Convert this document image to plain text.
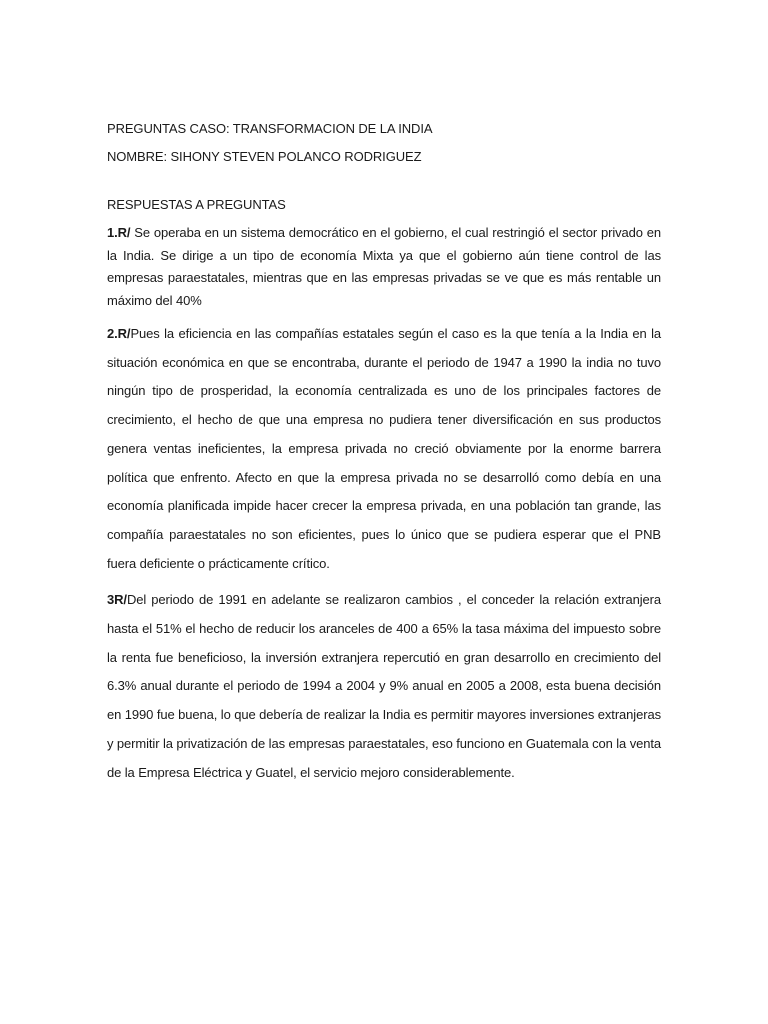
PREGUNTAS CASO: TRANSFORMACION DE LA INDIA

NOMBRE: SIHONY STEVEN POLANCO RODRIGUEZ

RESPUESTAS A PREGUNTAS

1.R/ Se operaba en un sistema democrático en el gobierno, el cual restringió el sector privado en la India. Se dirige a un tipo de economía Mixta ya que el gobierno aún tiene control de las empresas paraestatales, mientras que en las empresas privadas se ve que es más rentable un máximo del 40%

2.R/Pues la eficiencia en las compañías estatales según el caso es la que tenía a la India en la situación económica en que se encontraba, durante el periodo de 1947 a 1990 la india no tuvo ningún tipo de prosperidad, la economía centralizada es uno de los principales factores de crecimiento, el hecho de que una empresa no pudiera tener diversificación en sus productos genera ventas ineficientes, la empresa privada no creció obviamente por la enorme barrera política que enfrento. Afecto en que la empresa privada no se desarrolló como debía en una economía planificada impide hacer crecer la empresa privada, en una población tan grande, las compañía paraestatales no son eficientes, pues lo único que se pudiera esperar que el PNB fuera deficiente o prácticamente crítico.

3R/Del periodo de 1991 en adelante se realizaron cambios , el conceder la relación extranjera hasta el 51% el hecho de reducir los aranceles de 400 a 65% la tasa máxima del impuesto sobre la renta fue beneficioso, la inversión extranjera repercutió en gran desarrollo en crecimiento del 6.3% anual durante el periodo de 1994 a 2004 y 9% anual en 2005 a 2008, esta buena decisión en 1990 fue buena, lo que debería de realizar la India es permitir mayores inversiones extranjeras y permitir la privatización de las empresas paraestatales, eso funciono en Guatemala con la venta de la Empresa Eléctrica y Guatel, el servicio mejoro considerablemente.
